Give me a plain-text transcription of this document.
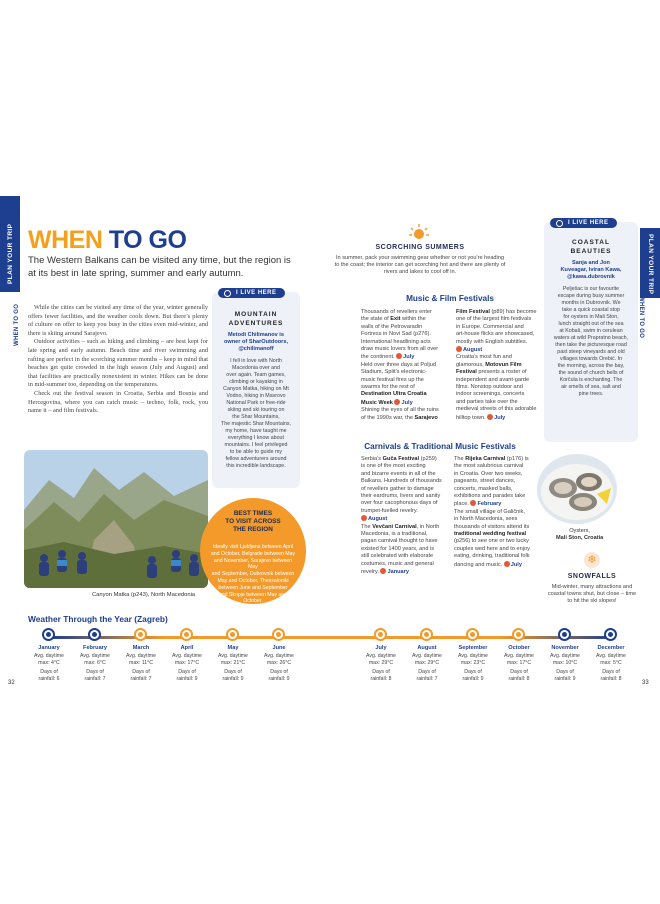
PLAN YOUR TRIP
WHEN TO GO
PLAN YOUR TRIP
WHEN TO GO
WHEN TO GO

The Western Balkans can be visited any time, but the region is at its best in late spring, summer and early autumn.

While the cities can be visited any time of the year, winter generally offers fewer facilities, and the weather cools down. But there’s plenty of culture on offer to keep you busy in the cities even mid-winter, and there is skiing around Sarajevo.

Outdoor activities – such as hiking and climbing – are best kept for late spring and early autumn. Beach time and river swimming and rafting are perfect in the scorching summer months – keep in mind that beaches get quite crowded in the high season (July and August) and that facilities are practically nonexistent in winter. Hikes can be done in mid-summer too, depending on the temperatures.

Check out the festival season in Croatia, Serbia and Bosnia and Hercegovina, where you can catch music – techno, folk, rock, you name it – and film festivals.

I LIVE HERE
MOUNTAIN
ADVENTURES
Metodi Chilimanov is
owner of SharOutdoors,
@chilimanoff
I fell in love with North
Macedonia over and
over again. Team games,
climbing or kayaking in
Canyon Matka, hiking on Mt
Vodno, hiking in Mavrovo
National Park or free-ride
skiing and ski touring on
the Shar Mountains,
The majestic Shar Mountains,
my home, have taught me
everything I know about
mountains. I feel privileged
to be able to guide my
fellow adventurers around
this incredible landscape.
Canyon Matka (p243), North Macedonia
BEST TIMES
TO VISIT ACROSS
THE REGION
Ideally visit Ljubljana between April
and October, Belgrade between May
and November, Sarajevo between May
and September, Dubrovnik between
May and October, Thessaloniki
between June and September
and Skopje between May and
October.
SCORCHING SUMMERS
In summer, pack your swimming gear whether or not you're heading
to the coast; the interior can get scorching hot and there are plenty of
rivers and lakes to cool off in.
Music & Film Festivals
Thousands of revellers enter
the state of Exit within the
walls of the Petrovaradin
Fortress in Novi Sad (p276).
International headlining acts
draw music lovers from all over
the continent. July
Held over three days at Poljud
Stadium, Split’s electronic-
music festival fires up the
swarms for the rest of
Destination Ultra Croatia
Music Week July
Shining the eyes of all the ruins
of the 1990s war, the Sarajevo
Film Festival (p89) has become
one of the largest film festivals
in Europe. Commercial and
art-house flicks are showcased,
mostly with English subtitles.
August
Croatia’s most fun and
glamorous, Motovun Film
Festival presents a roster of
independent and avant-garde
films. Nonstop outdoor and
indoor screenings, concerts
and parties take over the
medieval streets of this adorable
hilltop town. July
Carnivals & Traditional Music Festivals
Serbia’s Guča Festival (p259)
is one of the most exciting
and bizarre events in all of the
Balkans. Hundreds of thousands
of revellers gather to damage
their eardrums, livers and sanity
over four cacophonous days of
trumpet-fuelled revelry.
August
The Vevčani Carnival, in North
Macedonia, is a traditional,
pagan carnival thought to have
existed for 1400 years, and is
still celebrated with elaborate
costumes, music and general
revelry. January
The Rijeka Carnival (p176) is
the most salubrious carnival
in Croatia. Over two weeks,
pageants, street dances,
concerts, masked balls,
exhibitions and parades take
place. February
The small village of Galičnik,
in North Macedonia, sees
thousands of visitors attend its
traditional wedding festival
(p256) to see one or two lucky
couples wed here and to enjoy
eating, drinking, traditional folk
dancing and music. July
I LIVE HERE
COASTAL
BEAUTIES
Sanja and Jon
Kuveagar, Iviran Kawa,
@kawa.dubrovnik
Pelješac is our favourite
escape during busy summer
months in Dubrovnik. We
take a quick coastal stop
for oysters in Mali Ston,
lunch straight out of the sea
at Kobaš, swim in cerulean
waters at wild Prapratno beach,
then take the picturesque road
past steep vineyards and old
villages towards Orebić. In
the morning, across the bay,
the sound of church bells of
Korčula is enchanting. The
air smells of sea, salt and
pine trees.
Oysters,
Mali Ston, Croatia
❄
SNOWFALLS
Mid-winter, many attractions and
coastal towns shut, but close – time
to hit the ski slopes!
Weather Through the Year (Zagreb)
January
Avg. daytime
max: 4°C
Days of
rainfall: 6
February
Avg. daytime
max: 6°C
Days of
rainfall: 7
March
Avg. daytime
max: 11°C
Days of
rainfall: 7
April
Avg. daytime
max: 17°C
Days of
rainfall: 9
May
Avg. daytime
max: 21°C
Days of
rainfall: 9
June
Avg. daytime
max: 26°C
Days of
rainfall: 9
July
Avg. daytime
max: 29°C
Days of
rainfall: 8
August
Avg. daytime
max: 29°C
Days of
rainfall: 7
September
Avg. daytime
max: 23°C
Days of
rainfall: 9
October
Avg. daytime
max: 17°C
Days of
rainfall: 8
November
Avg. daytime
max: 10°C
Days of
rainfall: 9
December
Avg. daytime
max: 5°C
Days of
rainfall: 8
32	33
